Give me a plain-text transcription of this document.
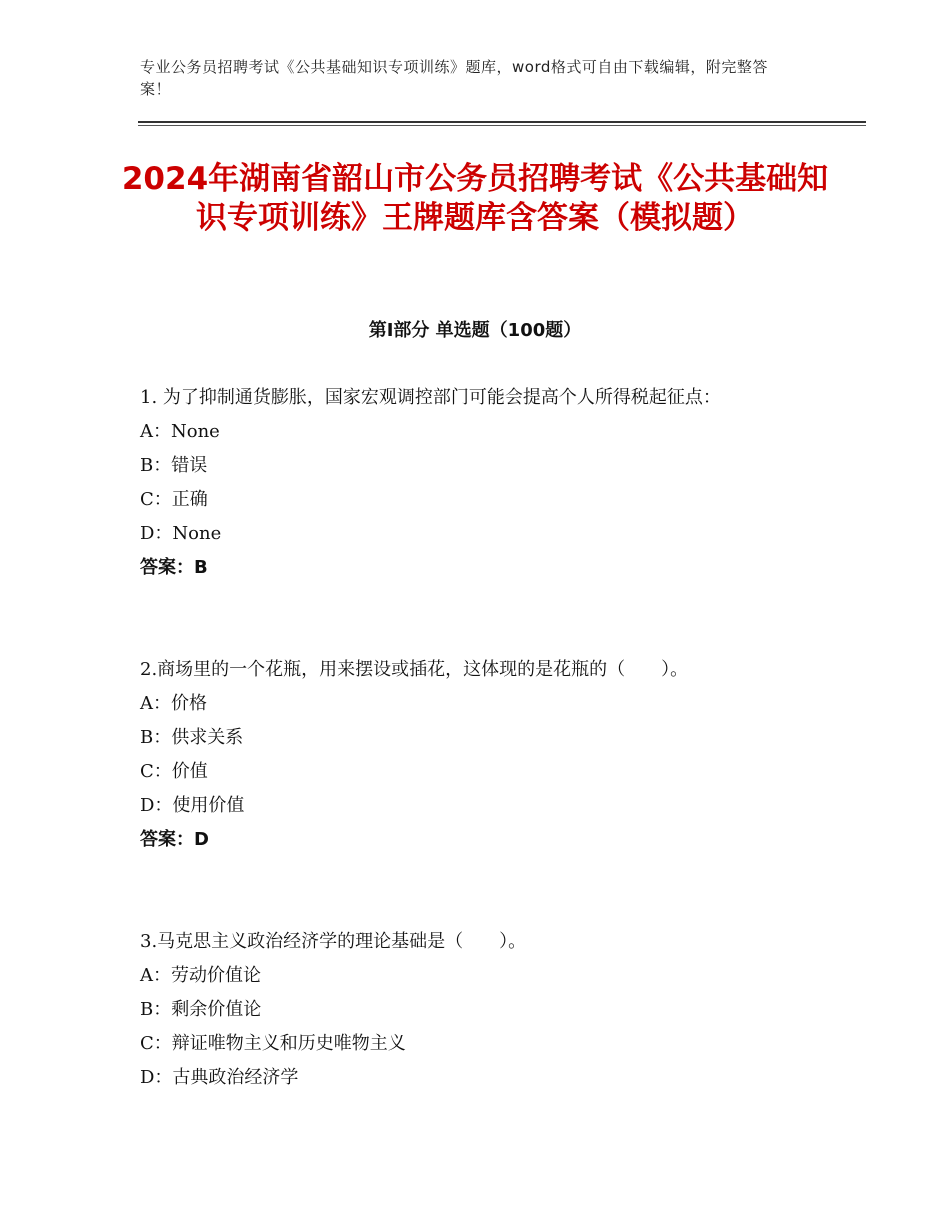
专业公务员招聘考试《公共基础知识专项训练》题库，word格式可自由下载编辑，附完整答案！
2024年湖南省韶山市公务员招聘考试《公共基础知识专项训练》王牌题库含答案（模拟题）
第Ⅰ部分 单选题（100题）

1. 为了抑制通货膨胀，国家宏观调控部门可能会提高个人所得税起征点：

A：None

B：错误

C：正确

D：None

答案：B

2.商场里的一个花瓶，用来摆设或插花，这体现的是花瓶的（　　）。

A：价格

B：供求关系

C：价值

D：使用价值

答案：D

3.马克思主义政治经济学的理论基础是（　　）。

A：劳动价值论

B：剩余价值论

C：辩证唯物主义和历史唯物主义

D：古典政治经济学
